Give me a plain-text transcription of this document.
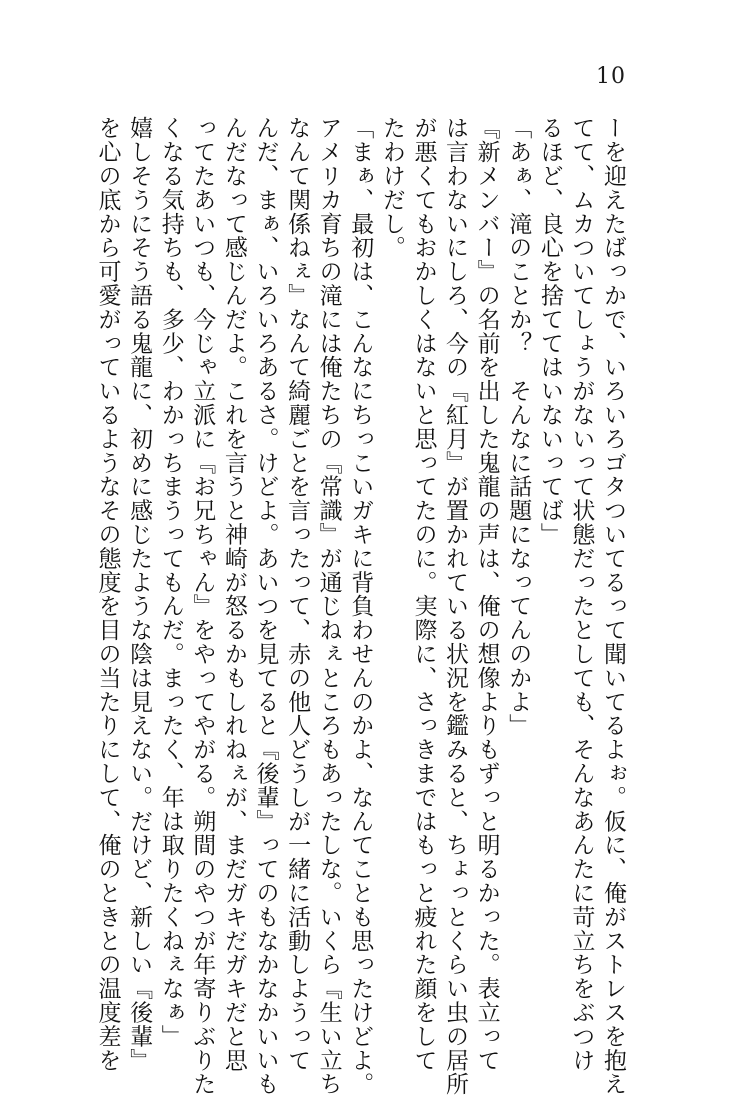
10
ーを迎えたばっかで、いろいろゴタついてるって聞いてるよぉ。仮に、俺がストレスを抱え
てて、ムカついてしょうがないって状態だったとしても、そんなあんたに苛立ちをぶつけ
るほど、良心を捨ててはいないってば」
「あぁ、滝のことか？　そんなに話題になってんのかよ」
『新メンバー』の名前を出した鬼龍の声は、俺の想像よりもずっと明るかった。表立って
は言わないにしろ、今の『紅月』が置かれている状況を鑑みると、ちょっとくらい虫の居所
が悪くてもおかしくはないと思ってたのに。実際に、さっきまではもっと疲れた顔をして
たわけだし。
「まぁ、最初は、こんなにちっこいガキに背負わせんのかよ、なんてことも思ったけどよ。
アメリカ育ちの滝には俺たちの『常識』が通じねぇところもあったしな。いくら『生い立ち
なんて関係ねぇ』なんて綺麗ごとを言ったって、赤の他人どうしが一緒に活動しようって
んだ、まぁ、いろいろあるさ。けどよ。あいつを見てると『後輩』ってのもなかなかいいも
んだなって感じんだよ。これを言うと神崎が怒るかもしれねぇが、まだガキだガキだと思
ってたあいつも、今じゃ立派に『お兄ちゃん』をやってやがる。朔間のやつが年寄りぶりた
くなる気持ちも、多少、わかっちまうってもんだ。まったく、年は取りたくねぇなぁ」
嬉しそうにそう語る鬼龍に、初めに感じたような陰は見えない。だけど、新しい『後輩』
を心の底から可愛がっているようなその態度を目の当たりにして、俺のときとの温度差を
